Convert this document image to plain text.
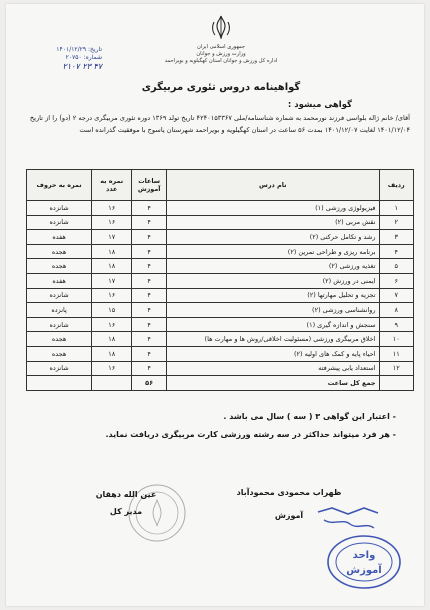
جمهوری اسلامی ایران
وزارت ورزش و جوانان
اداره کل ورزش و جوانان استان کهگیلویه و بویراحمد
تاریخ: ۱۴۰۱/۱۲/۲۹
شماره: ۲۰۷۵۰
۴۷ ۲۳ ۲۱۰۷
گواهینامه دروس تئوری مربیگری
گواهی میشود :
آقای/ خانم ژاله بلواسی فرزند نورمحمد به شماره شناسنامه/ملی ۴۲۴۰۱۵۳۳۶۷ تاریخ تولد ۱۳۶۹ دوره تئوری مربیگری درجه ۲ (دو) را از تاریخ ۱۴۰۱/۱۲/۰۴ لغایت ۱۴۰۱/۱۲/۰۷ بمدت ۵۶ ساعت در استان کهگیلویه و بویراحمد شهرستان یاسوج با موفقیت گذرانده است
ردیف	نام درس	ساعات آموزش	نمره به عدد	نمره به حروف
۱	فیزیولوژی ورزشی (۱)	۴	۱۶	شانزده
۲	نقش مربی (۲)	۴	۱۶	شانزده
۳	رشد و تکامل حرکتی (۲)	۴	۱۷	هفده
۴	برنامه ریزی و طراحی تمرین (۲)	۴	۱۸	هجده
۵	تغذیه ورزشی (۲)	۴	۱۸	هجده
۶	ایمنی در ورزش (۲)	۴	۱۷	هفده
۷	تجزیه و تحلیل مهارتها (۲)	۴	۱۶	شانزده
۸	روانشناسی ورزشی (۲)	۴	۱۵	پانزده
۹	سنجش و اندازه گیری (۱)	۴	۱۶	شانزده
۱۰	اخلاق مربیگری ورزشی (مسئولیت اخلاقی/روش ها و مهارت ها)	۴	۱۸	هجده
۱۱	احیاء پایه و کمک های اولیه (۲)	۴	۱۸	هجده
۱۲	استعداد یابی پیشرفته	۴	۱۶	شانزده
	جمع کل ساعت	۵۶		
- اعتبار این گواهی ۳ ( سه ) سال می باشد .
- هر فرد میتواند حداکثر در سه رشته ورزشی کارت مربیگری دریافت نماید.
عین الله دهقان
مدیر کل
ظهراب محمودی محمودآباد
آموزش
واحد
آموزش
